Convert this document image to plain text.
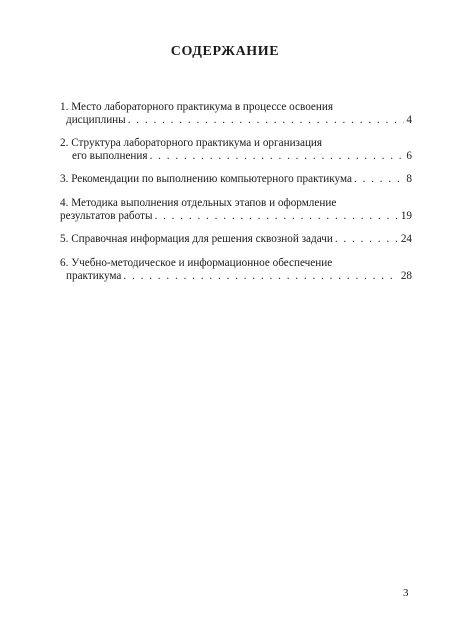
СОДЕРЖАНИЕ
1. Место лабораторного практикума в процессе освоения
дисциплины . . .	4
2. Структура лабораторного практикума и организация
его выполнения . . .	6
3. Рекомендации по выполнению компьютерного практикума . . .	8
4. Методика выполнения отдельных этапов и оформление
результатов работы . . .	19
5. Справочная информация для решения сквозной задачи . . .	24
6. Учебно-методическое и информационное обеспечение
практикума . . .	28
3
